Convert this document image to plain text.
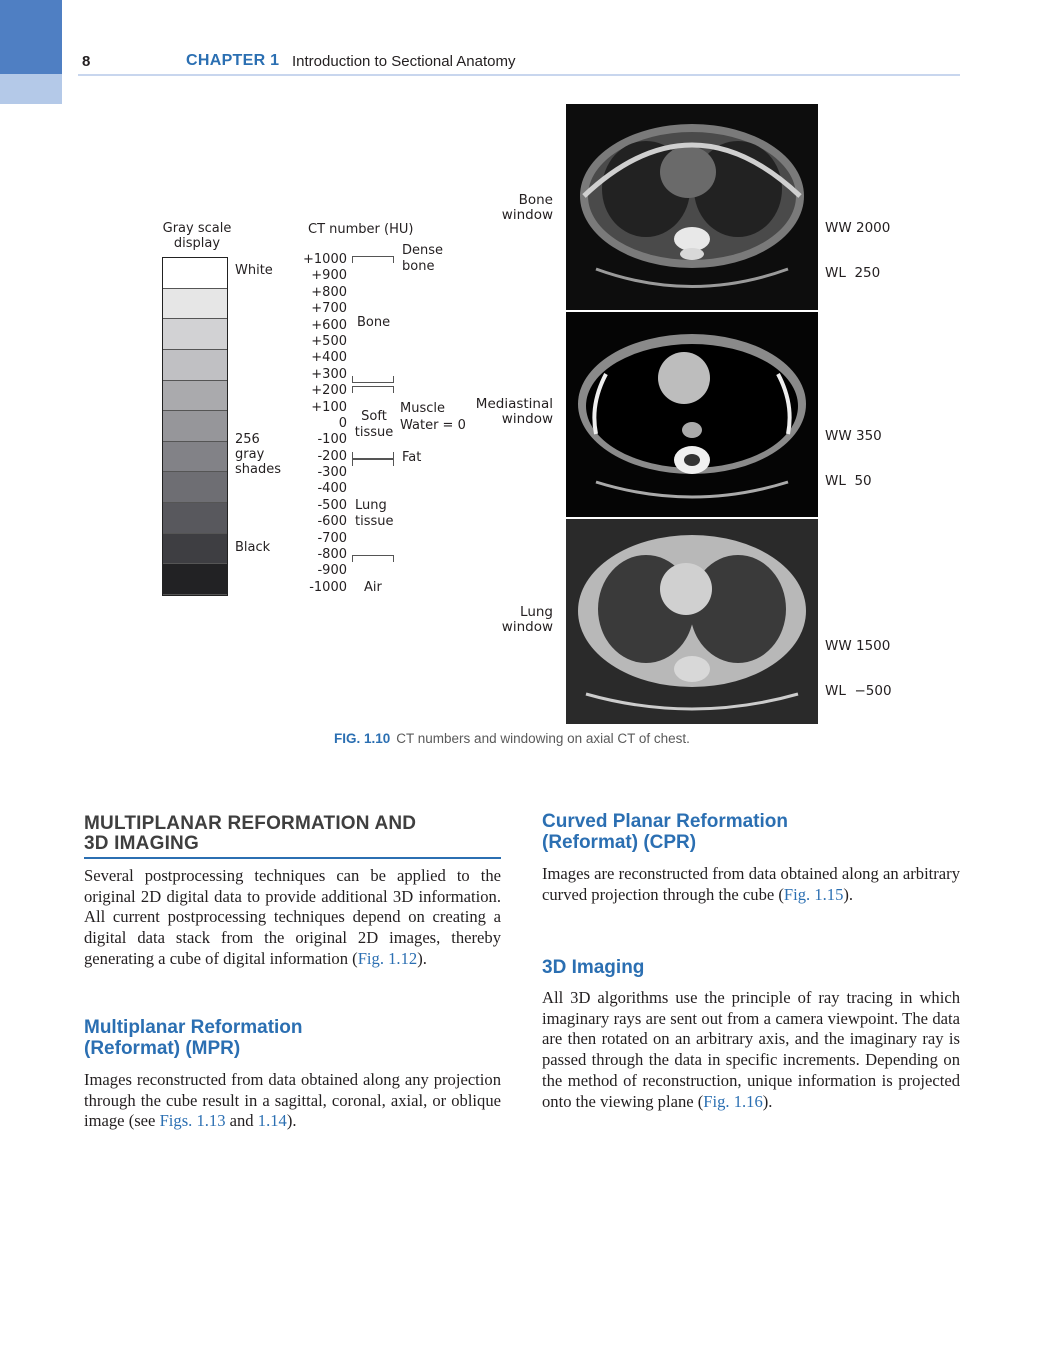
8	CHAPTER 1 Introduction to Sectional Anatomy
Gray scale
display
White
256
gray
shades
Black
CT number (HU)
+1000
+900
+800
+700
+600
+500
+400
+300
+200
+100
0
-100
-200
-300
-400
-500
-600
-700
-800
-900
-1000
Dense
bone
Bone
Soft
tissue
Muscle
Water = 0
Fat
Lung
tissue
Air
Bone
window
Mediastinal
window
Lung
window

WW 2000

WL  250

WW 350

WL  50

WW 1500

WL  −500

FIG. 1.10 CT numbers and windowing on axial CT of chest.
MULTIPLANAR REFORMATION AND
3D IMAGING
Several postprocessing techniques can be applied to the original 2D digital data to provide additional 3D information. All current postprocessing techniques depend on creating a digital data stack from the original 2D images, thereby generating a cube of digital information (Fig. 1.12).
Multiplanar Reformation
(Reformat) (MPR)
Images reconstructed from data obtained along any projection through the cube result in a sagittal, coronal, axial, or oblique image (see Figs. 1.13 and 1.14).
Curved Planar Reformation
(Reformat) (CPR)
Images are reconstructed from data obtained along an arbitrary curved projection through the cube (Fig. 1.15).
3D Imaging
All 3D algorithms use the principle of ray tracing in which imaginary rays are sent out from a camera viewpoint. The data are then rotated on an arbitrary axis, and the imaginary ray is passed through the data in specific increments. Depending on the method of reconstruction, unique information is projected onto the viewing plane (Fig. 1.16).
